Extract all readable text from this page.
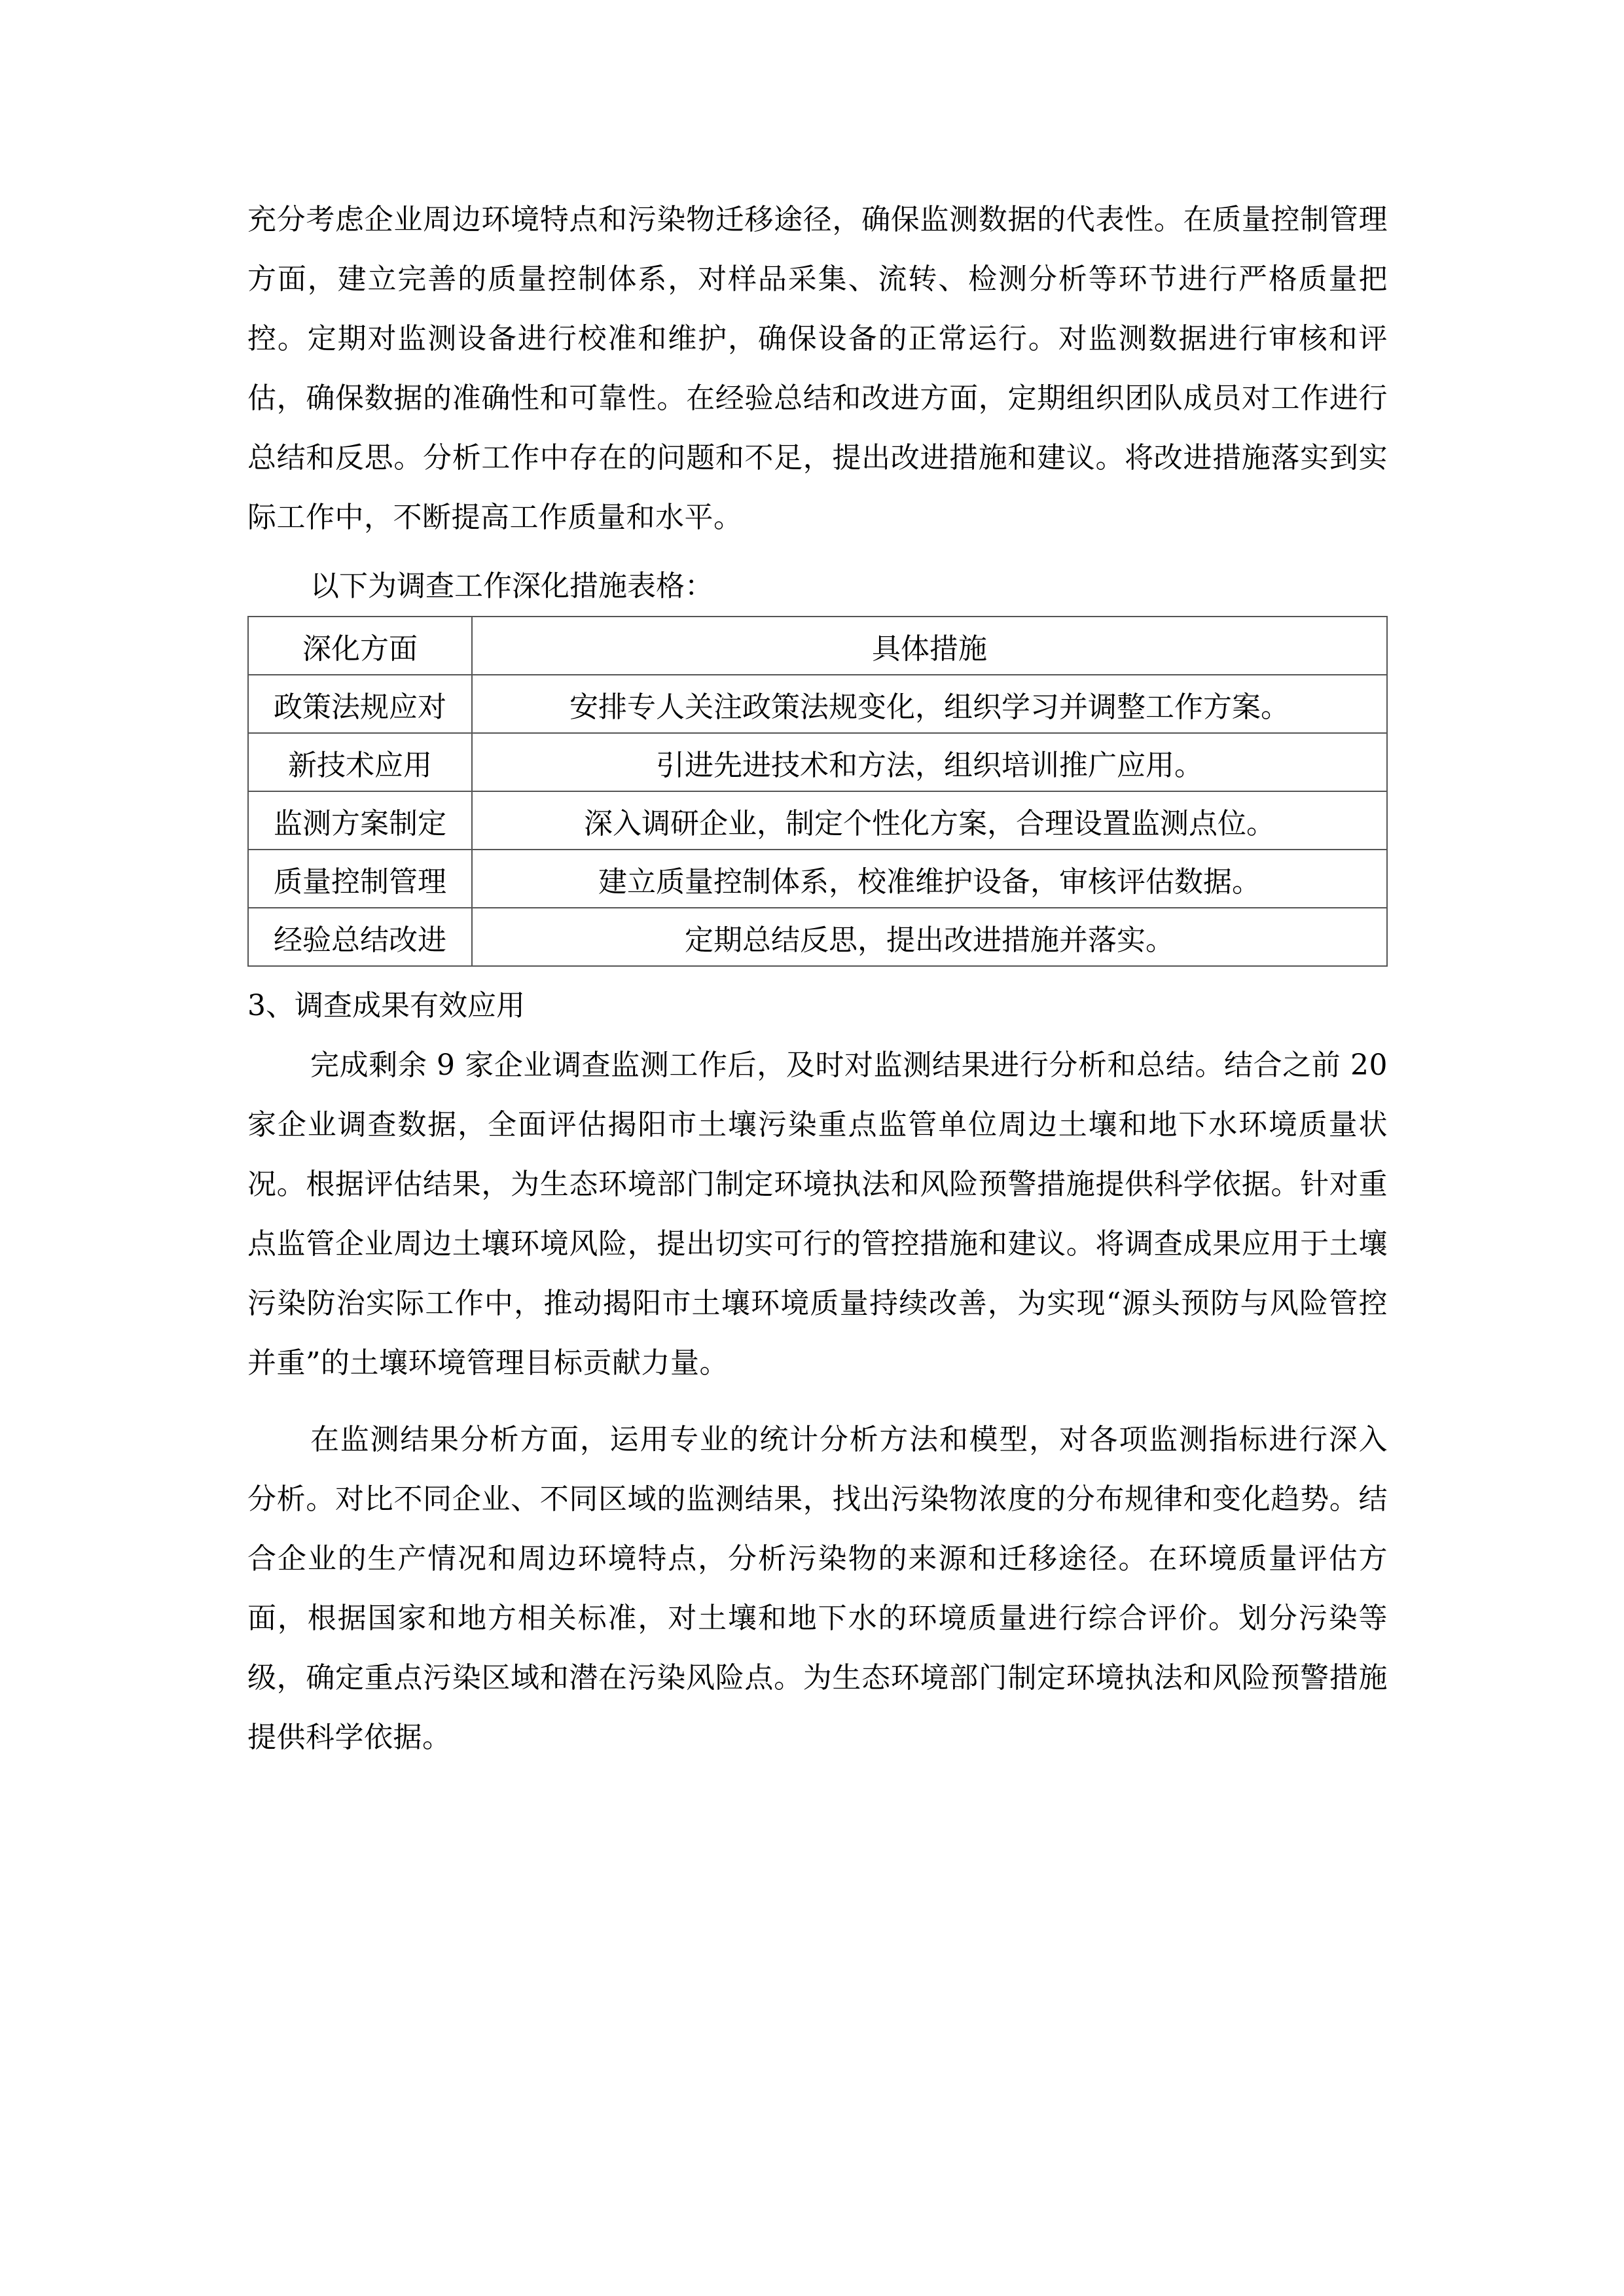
充分考虑企业周边环境特点和污染物迁移途径，确保监测数据的代表性。在质量控制管理方面，建立完善的质量控制体系，对样品采集、流转、检测分析等环节进行严格质量把控。定期对监测设备进行校准和维护，确保设备的正常运行。对监测数据进行审核和评估，确保数据的准确性和可靠性。在经验总结和改进方面，定期组织团队成员对工作进行总结和反思。分析工作中存在的问题和不足，提出改进措施和建议。将改进措施落实到实际工作中，不断提高工作质量和水平。

以下为调查工作深化措施表格：

深化方面	具体措施
政策法规应对	安排专人关注政策法规变化，组织学习并调整工作方案。
新技术应用	引进先进技术和方法，组织培训推广应用。
监测方案制定	深入调研企业，制定个性化方案，合理设置监测点位。
质量控制管理	建立质量控制体系，校准维护设备，审核评估数据。
经验总结改进	定期总结反思，提出改进措施并落实。

3、调查成果有效应用

完成剩余 9 家企业调查监测工作后，及时对监测结果进行分析和总结。结合之前 20 家企业调查数据，全面评估揭阳市土壤污染重点监管单位周边土壤和地下水环境质量状况。根据评估结果，为生态环境部门制定环境执法和风险预警措施提供科学依据。针对重点监管企业周边土壤环境风险，提出切实可行的管控措施和建议。将调查成果应用于土壤污染防治实际工作中，推动揭阳市土壤环境质量持续改善，为实现“源头预防与风险管控并重”的土壤环境管理目标贡献力量。

在监测结果分析方面，运用专业的统计分析方法和模型，对各项监测指标进行深入分析。对比不同企业、不同区域的监测结果，找出污染物浓度的分布规律和变化趋势。结合企业的生产情况和周边环境特点，分析污染物的来源和迁移途径。在环境质量评估方面，根据国家和地方相关标准，对土壤和地下水的环境质量进行综合评价。划分污染等级，确定重点污染区域和潜在污染风险点。为生态环境部门制定环境执法和风险预警措施提供科学依据。
